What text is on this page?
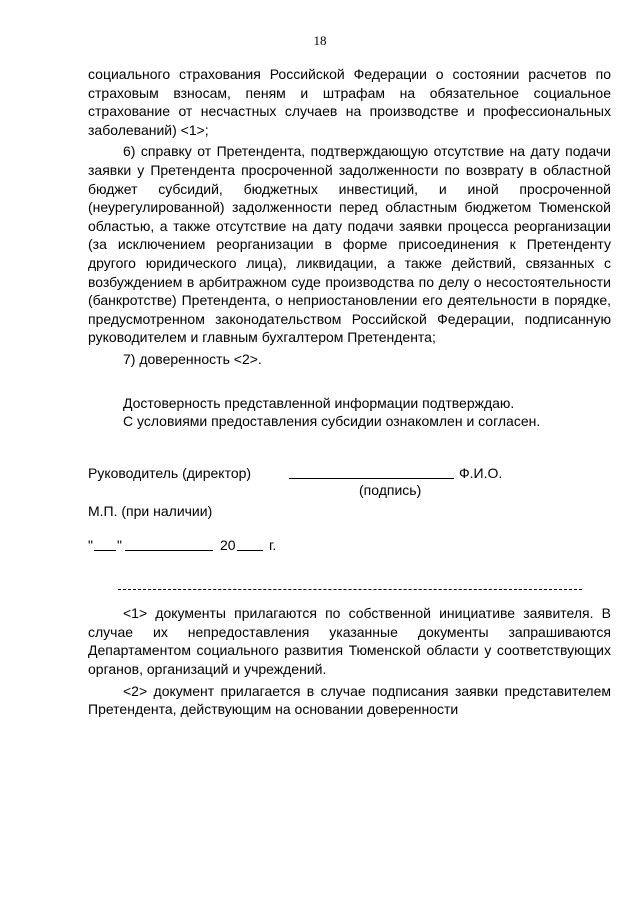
18

социального страхования Российской Федерации о состоянии расчетов по страховым взносам, пеням и штрафам на обязательное социальное страхование от несчастных случаев на производстве и профессиональных заболеваний) <1>;

6) справку от Претендента, подтверждающую отсутствие на дату подачи заявки у Претендента просроченной задолженности по возврату в областной бюджет субсидий, бюджетных инвестиций, и иной просроченной (неурегулированной) задолженности перед областным бюджетом Тюменской областью, а также отсутствие на дату подачи заявки процесса реорганизации (за исключением реорганизации в форме присоединения к Претенденту другого юридического лица), ликвидации, а также действий, связанных с возбуждением в арбитражном суде производства по делу о несостоятельности (банкротстве) Претендента, о неприостановлении его деятельности в порядке, предусмотренном законодательством Российской Федерации, подписанную руководителем и главным бухгалтером Претендента;

7) доверенность <2>.

Достоверность представленной информации подтверждаю.

С условиями предоставления субсидии ознакомлен и согласен.

Руководитель (директор)	Ф.И.О.
(подпись)

М.П. (при наличии)

" "	20 г.

<1> документы прилагаются по собственной инициативе заявителя. В случае их непредоставления указанные документы запрашиваются Департаментом социального развития Тюменской области у соответствующих органов, организаций и учреждений.

<2> документ прилагается в случае подписания заявки представителем Претендента, действующим на основании доверенности
